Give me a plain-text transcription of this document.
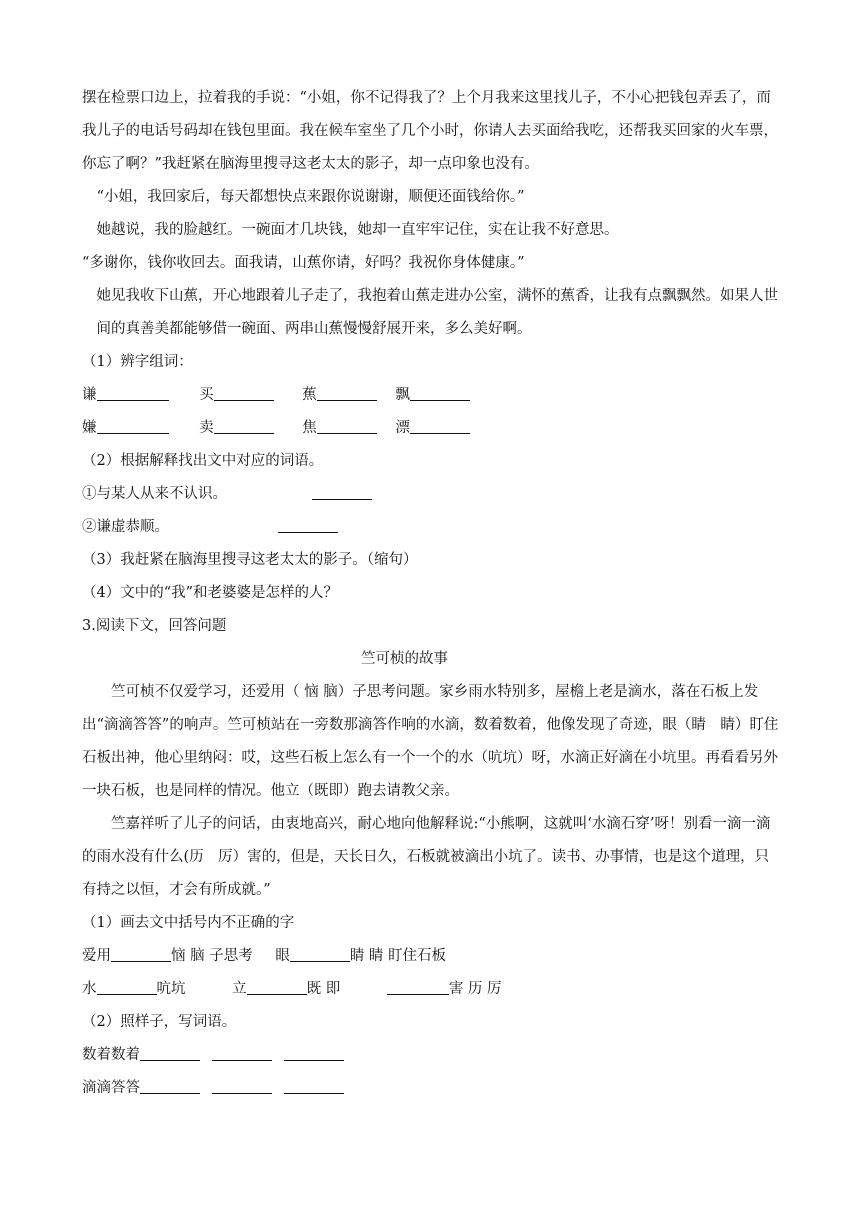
摆在检票口边上，拉着我的手说：“小姐，你不记得我了？上个月我来这里找儿子，不小心把钱包弄丢了，而我儿子的电话号码却在钱包里面。我在候车室坐了几个小时，你请人去买面给我吃，还帮我买回家的火车票，你忘了啊？”我赶紧在脑海里搜寻这老太太的影子，却一点印象也没有。

“小姐，我回家后，每天都想快点来跟你说谢谢，顺便还面钱给你。”

她越说，我的脸越红。一碗面才几块钱，她却一直牢牢记住，实在让我不好意思。

“多谢你，钱你收回去。面我请，山蕉你请，好吗？我祝你身体健康。”

她见我收下山蕉，开心地跟着儿子走了，我抱着山蕉走进办公室，满怀的蕉香，让我有点飘飘然。如果人世间的真善美都能够借一碗面、两串山蕉慢慢舒展开来，多么美好啊。

（1）辨字组词：
谦	买	蕉	飘
嫌	卖	焦	漂
（2）根据解释找出文中对应的词语。
①与某人从来不认识。
②谦虚恭顺。
（3）我赶紧在脑海里搜寻这老太太的影子。（缩句）
（4）文中的“我”和老婆婆是怎样的人？
3.阅读下文，回答问题
竺可桢的故事

竺可桢不仅爱学习，还爱用（ 恼 脑）子思考问题。家乡雨水特别多，屋檐上老是滴水，落在石板上发出“滴滴答答”的响声。竺可桢站在一旁数那滴答作响的水滴，数着数着，他像发现了奇迹，眼（睛　睛）盯住石板出神，他心里纳闷：哎，这些石板上怎么有一个一个的水（吭坑）呀，水滴正好滴在小坑里。再看看另外一块石板，也是同样的情况。他立（既即）跑去请教父亲。

竺嘉祥听了儿子的问话，由衷地高兴，耐心地向他解释说:“小熊啊，这就叫‘水滴石穿’呀！别看一滴一滴的雨水没有什么(历　厉）害的，但是，天长日久，石板就被滴出小坑了。读书、办事情，也是这个道理，只有持之以恒，才会有所成就。”

（1）画去文中括号内不正确的字
爱用	恼 脑 子思考 眼	睛 睛 盯住石板
水	吭坑	立	既 即	害 历 厉
（2）照样子，写词语。
数着数着
滴滴答答
